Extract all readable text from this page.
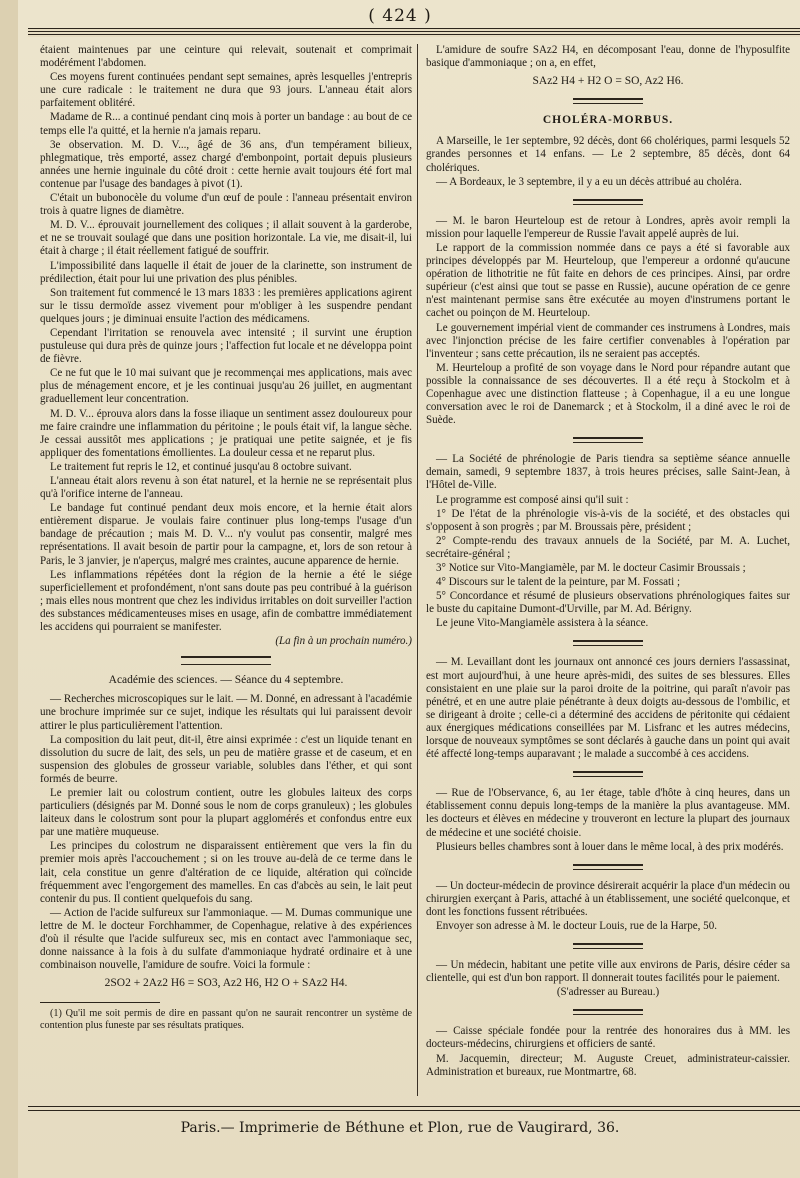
( 424 )

étaient maintenues par une ceinture qui relevait, soutenait et comprimait modérément l'abdomen.

Ces moyens furent continuées pendant sept semaines, après lesquelles j'entrepris une cure radicale : le traitement ne dura que 93 jours. L'anneau était alors parfaitement oblitéré.

Madame de R... a continué pendant cinq mois à porter un bandage : au bout de ce temps elle l'a quitté, et la hernie n'a jamais reparu.

3e observation. M. D. V..., âgé de 36 ans, d'un tempérament bilieux, phlegmatique, très emporté, assez chargé d'embonpoint, portait depuis plusieurs années une hernie inguinale du côté droit : cette hernie avait toujours été fort mal contenue par l'usage des bandages à pivot (1).

C'était un bubonocèle du volume d'un œuf de poule : l'anneau présentait environ trois à quatre lignes de diamètre.

M. D. V... éprouvait journellement des coliques ; il allait souvent à la garderobe, et ne se trouvait soulagé que dans une position horizontale. La vie, me disait-il, lui était à charge ; il était réellement fatigué de souffrir.

L'impossibilité dans laquelle il était de jouer de la clarinette, son instrument de prédilection, était pour lui une privation des plus pénibles.

Son traitement fut commencé le 13 mars 1833 : les premières applications agirent sur le tissu dermoïde assez vivement pour m'obliger à les suspendre pendant quelques jours ; je diminuai ensuite l'action des médicamens.

Cependant l'irritation se renouvela avec intensité ; il survint une éruption pustuleuse qui dura près de quinze jours ; l'affection fut locale et ne développa point de fièvre.

Ce ne fut que le 10 mai suivant que je recommençai mes applications, mais avec plus de ménagement encore, et je les continuai jusqu'au 26 juillet, en augmentant graduellement leur concentration.

M. D. V... éprouva alors dans la fosse iliaque un sentiment assez douloureux pour me faire craindre une inflammation du péritoine ; le pouls était vif, la langue sèche. Je cessai aussitôt mes applications ; je pratiquai une petite saignée, et je fis appliquer des fomentations émollientes. La douleur cessa et ne reparut plus.

Le traitement fut repris le 12, et continué jusqu'au 8 octobre suivant.

L'anneau était alors revenu à son état naturel, et la hernie ne se représentait plus qu'à l'orifice interne de l'anneau.

Le bandage fut continué pendant deux mois encore, et la hernie était alors entièrement disparue. Je voulais faire continuer plus long-temps l'usage d'un bandage de précaution ; mais M. D. V... n'y voulut pas consentir, malgré mes représentations. Il avait besoin de partir pour la campagne, et, lors de son retour à Paris, le 3 janvier, je n'aperçus, malgré mes craintes, aucune apparence de hernie.

Les inflammations répétées dont la région de la hernie a été le siége superficiellement et profondément, n'ont sans doute pas peu contribué à la guérison ; mais elles nous montrent que chez les individus irritables on doit surveiller l'action des substances médicamenteuses mises en usage, afin de combattre immédiatement les accidens qui pourraient se manifester.

(La fin à un prochain numéro.)

Académie des sciences. — Séance du 4 septembre.

— Recherches microscopiques sur le lait. — M. Donné, en adressant à l'académie une brochure imprimée sur ce sujet, indique les résultats qui lui paraissent devoir attirer le plus particulièrement l'attention.

La composition du lait peut, dit-il, être ainsi exprimée : c'est un liquide tenant en dissolution du sucre de lait, des sels, un peu de matière grasse et de caseum, et en suspension des globules de grosseur variable, solubles dans l'éther, et qui sont formés de beurre.

Le premier lait ou colostrum contient, outre les globules laiteux des corps particuliers (désignés par M. Donné sous le nom de corps granuleux) ; les globules laiteux dans le colostrum sont pour la plupart agglomérés et confondus entre eux par une matière muqueuse.

Les principes du colostrum ne disparaissent entièrement que vers la fin du premier mois après l'accouchement ; si on les trouve au-delà de ce terme dans le lait, cela constitue un genre d'altération de ce liquide, altération qui coïncide fréquemment avec l'engorgement des mamelles. En cas d'abcès au sein, le lait peut contenir du pus. Il contient quelquefois du sang.

— Action de l'acide sulfureux sur l'ammoniaque. — M. Dumas communique une lettre de M. le docteur Forchhammer, de Copenhague, relative à des expériences d'où il résulte que l'acide sulfureux sec, mis en contact avec l'ammoniaque sec, donne naissance à la fois à du sulfate d'ammoniaque hydraté ordinaire et à une combinaison nouvelle, l'amidure de soufre. Voici la formule :

2SO2 + 2Az2 H6 = SO3, Az2 H6, H2 O + SAz2 H4.

(1) Qu'il me soit permis de dire en passant qu'on ne saurait rencontrer un système de contention plus funeste par ses résultats pratiques.

L'amidure de soufre SAz2 H4, en décomposant l'eau, donne de l'hyposulfite basique d'ammoniaque ; on a, en effet,

SAz2 H4 + H2 O = SO, Az2 H6.
CHOLÉRA-MORBUS.

A Marseille, le 1er septembre, 92 décès, dont 66 cholériques, parmi lesquels 52 grandes personnes et 14 enfans. — Le 2 septembre, 85 décès, dont 64 cholériques.

— A Bordeaux, le 3 septembre, il y a eu un décès attribué au choléra.

— M. le baron Heurteloup est de retour à Londres, après avoir rempli la mission pour laquelle l'empereur de Russie l'avait appelé auprès de lui.

Le rapport de la commission nommée dans ce pays a été si favorable aux principes développés par M. Heurteloup, que l'empereur a ordonné qu'aucune opération de lithotritie ne fût faite en dehors de ces principes. Ainsi, par ordre supérieur (c'est ainsi que tout se passe en Russie), aucune opération de ce genre n'est maintenant permise sans être exécutée au moyen d'instrumens portant le cachet ou poinçon de M. Heurteloup.

Le gouvernement impérial vient de commander ces instrumens à Londres, mais avec l'injonction précise de les faire certifier convenables à l'opération par l'inventeur ; sans cette précaution, ils ne seraient pas acceptés.

M. Heurteloup a profité de son voyage dans le Nord pour répandre autant que possible la connaissance de ses découvertes. Il a été reçu à Stockolm et à Copenhague avec une distinction flatteuse ; à Copenhague, il a eu une longue conversation avec le roi de Danemarck ; et à Stockolm, il a diné avec le roi de Suède.

— La Société de phrénologie de Paris tiendra sa septième séance annuelle demain, samedi, 9 septembre 1837, à trois heures précises, salle Saint-Jean, à l'Hôtel de-Ville.

Le programme est composé ainsi qu'il suit :

1° De l'état de la phrénologie vis-à-vis de la société, et des obstacles qui s'opposent à son progrès ; par M. Broussais père, président ;

2° Compte-rendu des travaux annuels de la Société, par M. A. Luchet, secrétaire-général ;

3° Notice sur Vito-Mangiamèle, par M. le docteur Casimir Broussais ;

4° Discours sur le talent de la peinture, par M. Fossati ;

5° Concordance et résumé de plusieurs observations phrénologiques faites sur le buste du capitaine Dumont-d'Urville, par M. Ad. Bérigny.

Le jeune Vito-Mangiamèle assistera à la séance.

— M. Levaillant dont les journaux ont annoncé ces jours derniers l'assassinat, est mort aujourd'hui, à une heure après-midi, des suites de ses blessures. Elles consistaient en une plaie sur la paroi droite de la poitrine, qui paraît n'avoir pas pénétré, et en une autre plaie pénétrante à deux doigts au-dessous de l'ombilic, et se dirigeant à droite ; celle-ci a déterminé des accidens de péritonite qui cédaient aux énergiques médications conseillées par M. Lisfranc et les autres médecins, lorsque de nouveaux symptômes se sont déclarés à gauche dans un point qui avait été affecté long-temps auparavant ; le malade a succombé à ces accidens.

— Rue de l'Observance, 6, au 1er étage, table d'hôte à cinq heures, dans un établissement connu depuis long-temps de la manière la plus avantageuse. MM. les docteurs et élèves en médecine y trouveront en lecture la plupart des journaux de médecine et une société choisie.

Plusieurs belles chambres sont à louer dans le même local, à des prix modérés.

— Un docteur-médecin de province désirerait acquérir la place d'un médecin ou chirurgien exerçant à Paris, attaché à un établissement, une société quelconque, et dont les fonctions fussent rétribuées.

Envoyer son adresse à M. le docteur Louis, rue de la Harpe, 50.

— Un médecin, habitant une petite ville aux environs de Paris, désire céder sa clientelle, qui est d'un bon rapport. Il donnerait toutes facilités pour le paiement.

(S'adresser au Bureau.)

— Caisse spéciale fondée pour la rentrée des honoraires dus à MM. les docteurs-médecins, chirurgiens et officiers de santé.

M. Jacquemin, directeur; M. Auguste Creuet, administrateur-caissier. Administration et bureaux, rue Montmartre, 68.

Paris.— Imprimerie de Béthune et Plon, rue de Vaugirard, 36.
